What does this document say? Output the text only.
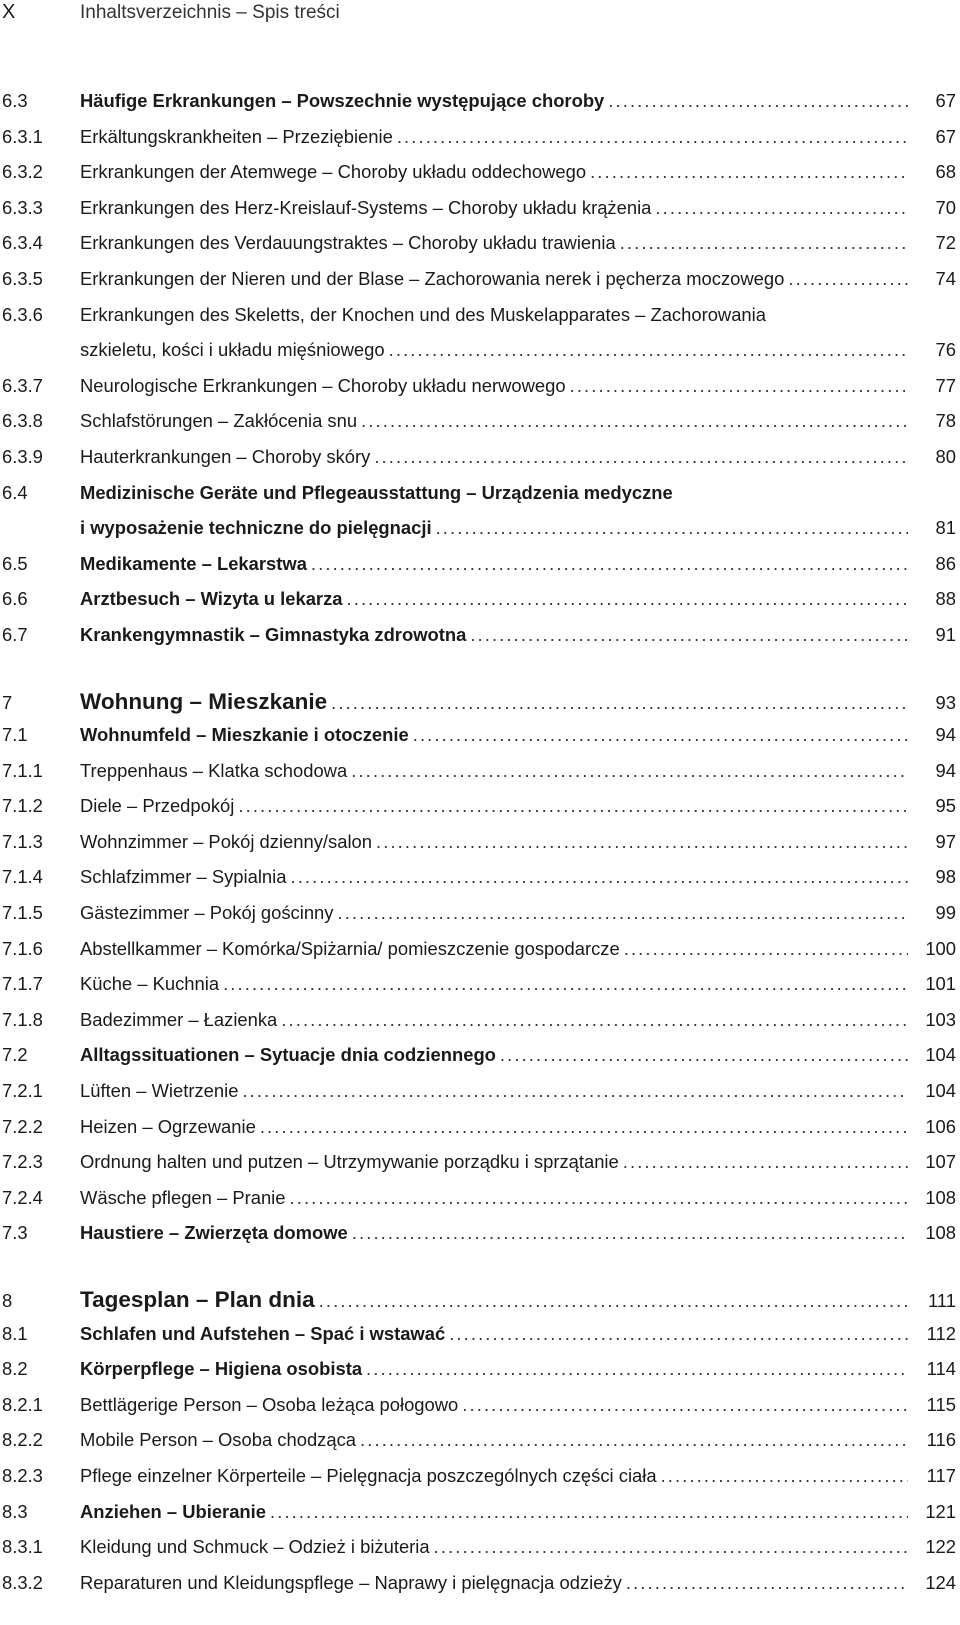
X	Inhaltsverzeichnis – Spis treści
6.3	Häufige Erkrankungen – Powszechnie występujące choroby . . .	67
6.3.1	Erkältungskrankheiten – Przeziębienie . . .	67
6.3.2	Erkrankungen der Atemwege – Choroby układu oddechowego . . .	68
6.3.3	Erkrankungen des Herz-Kreislauf-Systems – Choroby układu krążenia . . .	70
6.3.4	Erkrankungen des Verdauungstraktes – Choroby układu trawienia . . .	72
6.3.5	Erkrankungen der Nieren und der Blase – Zachorowania nerek i pęcherza moczowego . . .	74
6.3.6	Erkrankungen des Skeletts, der Knochen und des Muskelapparates – Zachorowania
szkieletu, kości i układu mięśniowego . . .	76
6.3.7	Neurologische Erkrankungen – Choroby układu nerwowego . . .	77
6.3.8	Schlafstörungen – Zakłócenia snu . . .	78
6.3.9	Hauterkrankungen – Choroby skóry . . .	80
6.4	Medizinische Geräte und Pflegeausstattung – Urządzenia medyczne
i wyposażenie techniczne do pielęgnacji . . .	81
6.5	Medikamente – Lekarstwa . . .	86
6.6	Arztbesuch – Wizyta u lekarza . . .	88
6.7	Krankengymnastik – Gimnastyka zdrowotna . . .	91
7	Wohnung – Mieszkanie . . .	93
7.1	Wohnumfeld – Mieszkanie i otoczenie . . .	94
7.1.1	Treppenhaus – Klatka schodowa . . .	94
7.1.2	Diele – Przedpokój . . .	95
7.1.3	Wohnzimmer – Pokój dzienny/salon . . .	97
7.1.4	Schlafzimmer – Sypialnia . . .	98
7.1.5	Gästezimmer – Pokój gościnny . . .	99
7.1.6	Abstellkammer – Komórka/Spiżarnia/ pomieszczenie gospodarcze . . .	100
7.1.7	Küche – Kuchnia . . .	101
7.1.8	Badezimmer – Łazienka . . .	103
7.2	Alltagssituationen – Sytuacje dnia codziennego . . .	104
7.2.1	Lüften – Wietrzenie . . .	104
7.2.2	Heizen – Ogrzewanie . . .	106
7.2.3	Ordnung halten und putzen – Utrzymywanie porządku i sprzątanie . . .	107
7.2.4	Wäsche pflegen – Pranie . . .	108
7.3	Haustiere – Zwierzęta domowe . . .	108
8	Tagesplan – Plan dnia . . .	111
8.1	Schlafen und Aufstehen – Spać i wstawać . . .	112
8.2	Körperpflege – Higiena osobista . . .	114
8.2.1	Bettlägerige Person – Osoba leżąca połogowo . . .	115
8.2.2	Mobile Person – Osoba chodząca . . .	116
8.2.3	Pflege einzelner Körperteile – Pielęgnacja poszczególnych części ciała . . .	117
8.3	Anziehen – Ubieranie . . .	121
8.3.1	Kleidung und Schmuck – Odzież i biżuteria . . .	122
8.3.2	Reparaturen und Kleidungspflege – Naprawy i pielęgnacja odzieży . . .	124
